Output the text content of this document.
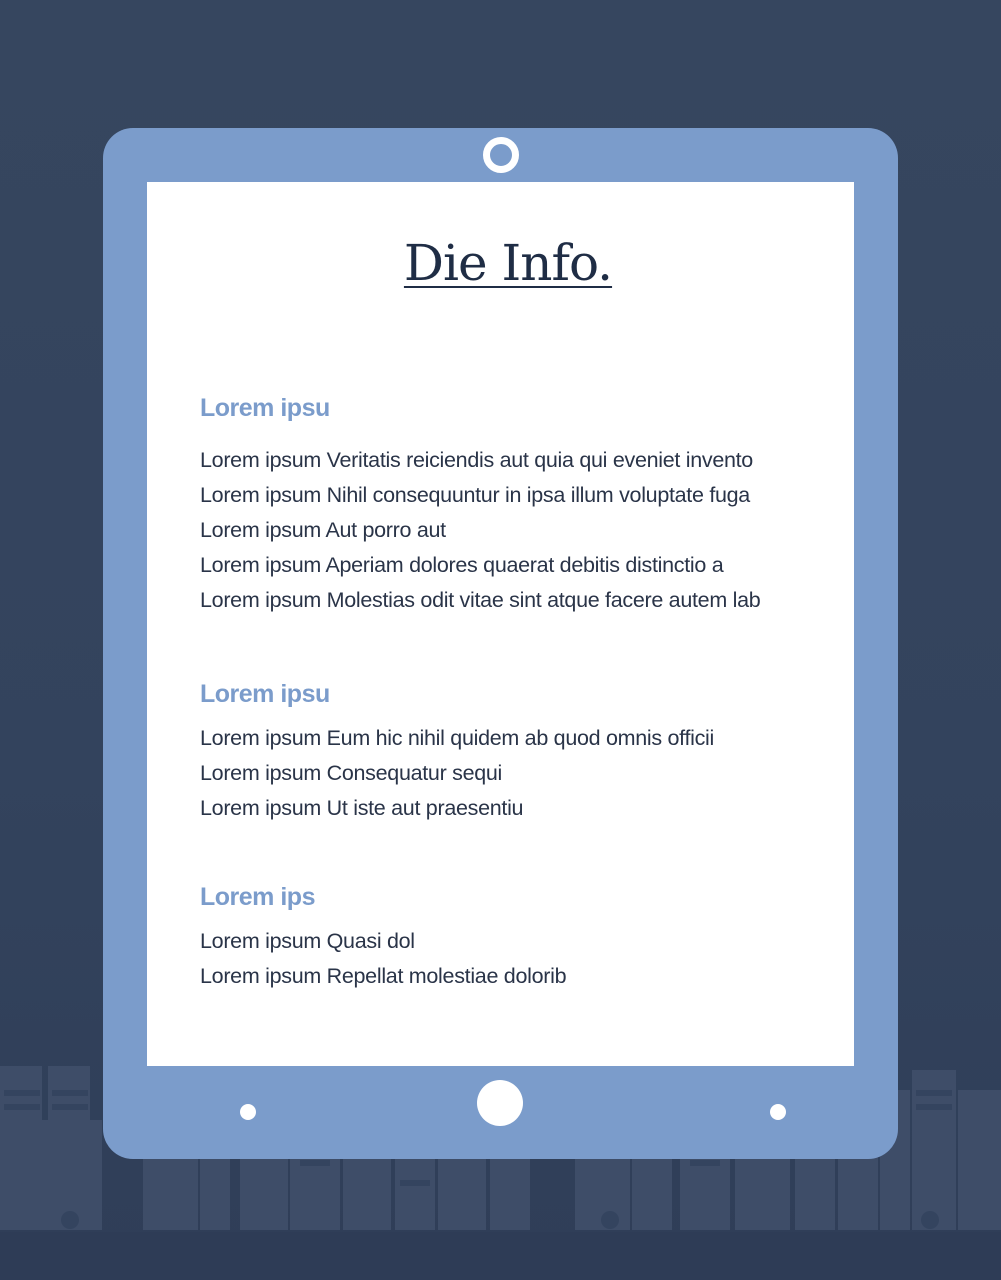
Die Info.
Lorem ipsu
Lorem ipsum Veritatis reiciendis aut quia qui eveniet invento
Lorem ipsum Nihil consequuntur in ipsa illum voluptate fuga
Lorem ipsum Aut porro aut
Lorem ipsum Aperiam dolores quaerat debitis distinctio a
Lorem ipsum Molestias odit vitae sint atque facere autem lab
Lorem ipsu
Lorem ipsum Eum hic nihil quidem ab quod omnis officii
Lorem ipsum Consequatur sequi
Lorem ipsum Ut iste aut praesentiu
Lorem ips
Lorem ipsum Quasi dol
Lorem ipsum Repellat molestiae dolorib
